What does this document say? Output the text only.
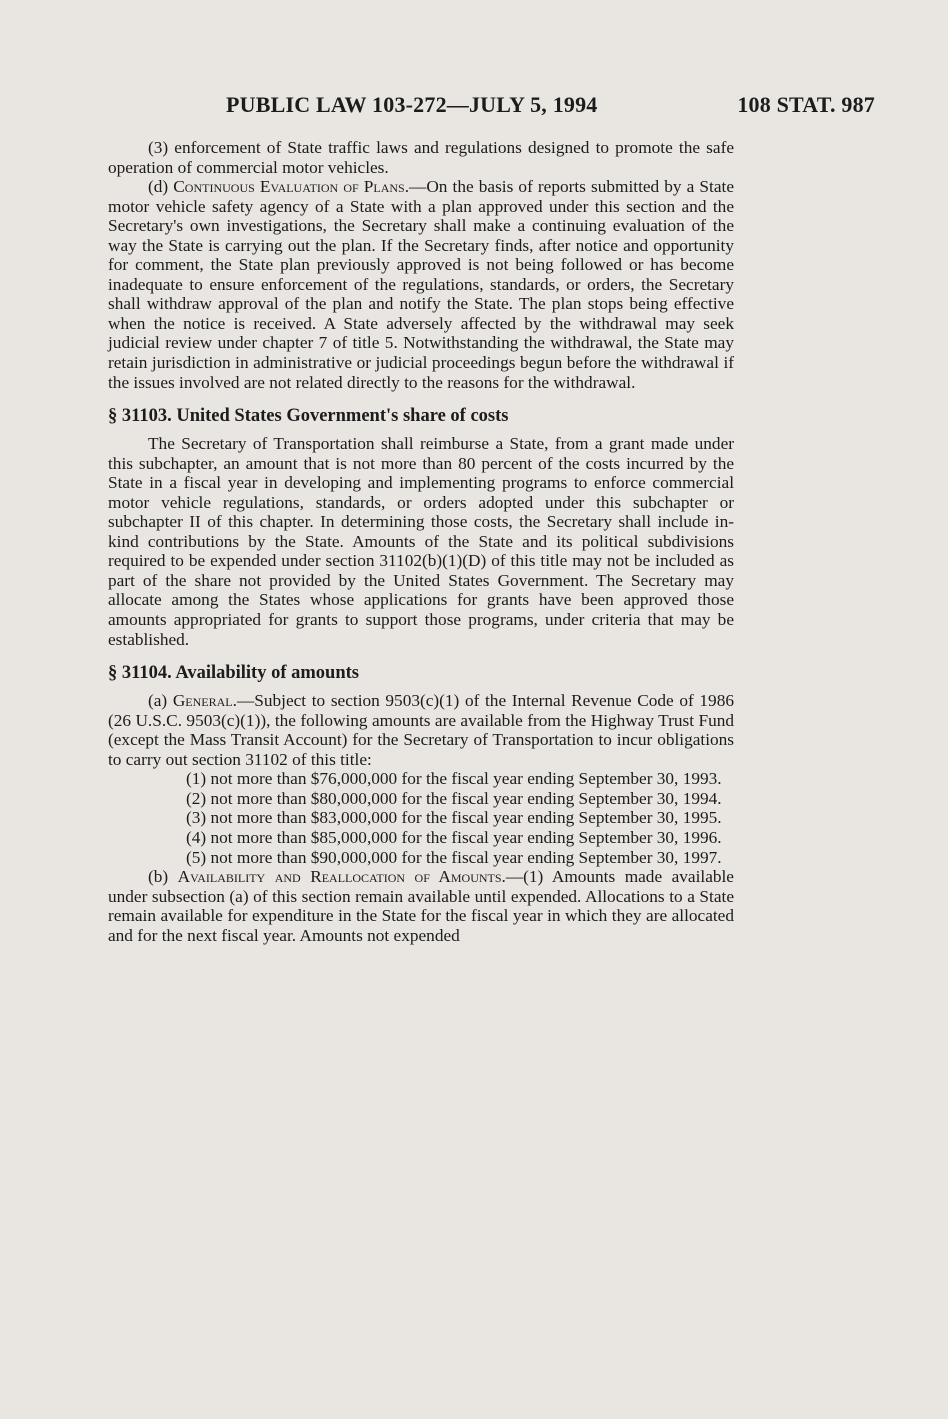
PUBLIC LAW 103-272—JULY 5, 1994	108 STAT. 987

(3) enforcement of State traffic laws and regulations designed to promote the safe operation of commercial motor vehicles.

(d) Continuous Evaluation of Plans.—On the basis of reports submitted by a State motor vehicle safety agency of a State with a plan approved under this section and the Secretary's own investigations, the Secretary shall make a continuing evaluation of the way the State is carrying out the plan. If the Secretary finds, after notice and opportunity for comment, the State plan previously approved is not being followed or has become inadequate to ensure enforcement of the regulations, standards, or orders, the Secretary shall withdraw approval of the plan and notify the State. The plan stops being effective when the notice is received. A State adversely affected by the withdrawal may seek judicial review under chapter 7 of title 5. Notwithstanding the withdrawal, the State may retain jurisdiction in administrative or judicial proceedings begun before the withdrawal if the issues involved are not related directly to the reasons for the withdrawal.

§ 31103. United States Government's share of costs

The Secretary of Transportation shall reimburse a State, from a grant made under this subchapter, an amount that is not more than 80 percent of the costs incurred by the State in a fiscal year in developing and implementing programs to enforce commercial motor vehicle regulations, standards, or orders adopted under this subchapter or subchapter II of this chapter. In determining those costs, the Secretary shall include in-kind contributions by the State. Amounts of the State and its political subdivisions required to be expended under section 31102(b)(1)(D) of this title may not be included as part of the share not provided by the United States Government. The Secretary may allocate among the States whose applications for grants have been approved those amounts appropriated for grants to support those programs, under criteria that may be established.

§ 31104. Availability of amounts

(a) General.—Subject to section 9503(c)(1) of the Internal Revenue Code of 1986 (26 U.S.C. 9503(c)(1)), the following amounts are available from the Highway Trust Fund (except the Mass Transit Account) for the Secretary of Transportation to incur obligations to carry out section 31102 of this title:

(1) not more than $76,000,000 for the fiscal year ending September 30, 1993.

(2) not more than $80,000,000 for the fiscal year ending September 30, 1994.

(3) not more than $83,000,000 for the fiscal year ending September 30, 1995.

(4) not more than $85,000,000 for the fiscal year ending September 30, 1996.

(5) not more than $90,000,000 for the fiscal year ending September 30, 1997.

(b) Availability and Reallocation of Amounts.—(1) Amounts made available under subsection (a) of this section remain available until expended. Allocations to a State remain available for expenditure in the State for the fiscal year in which they are allocated and for the next fiscal year. Amounts not expended
